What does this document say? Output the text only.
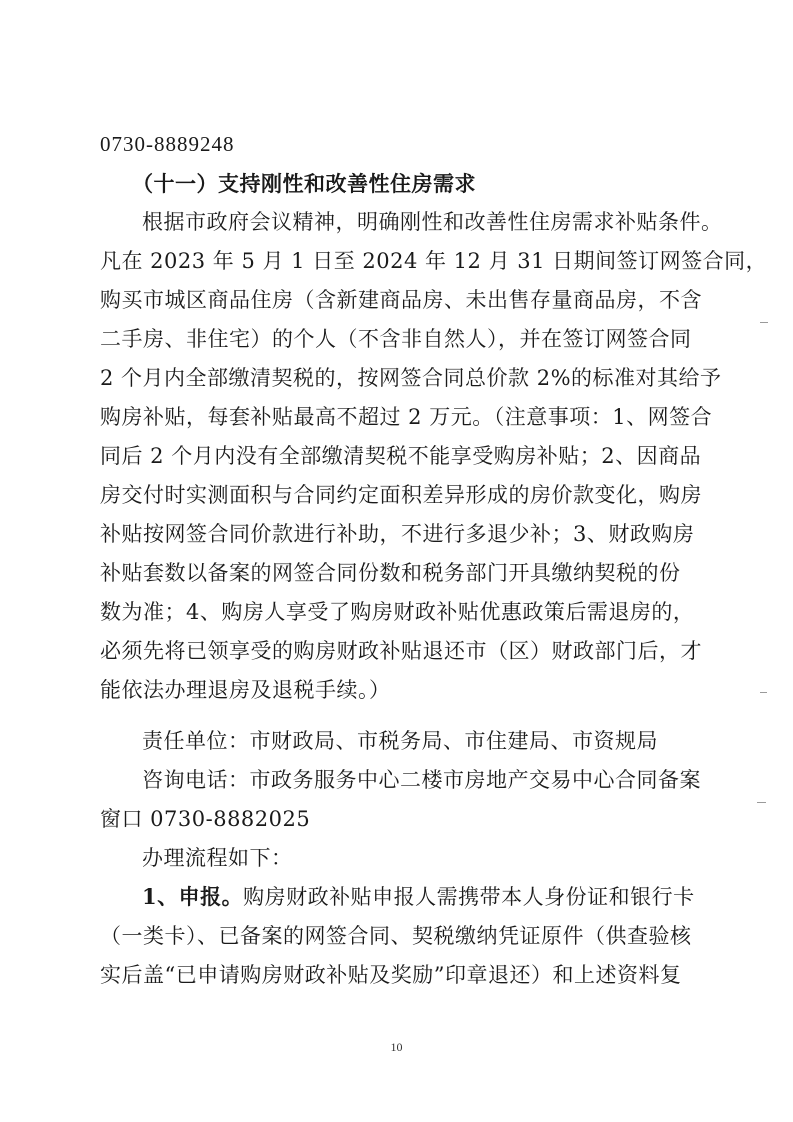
0730-8889248
（十一）支持刚性和改善性住房需求
根据市政府会议精神，明确刚性和改善性住房需求补贴条件。
凡在 2023 年 5 月 1 日至 2024 年 12 月 31 日期间签订网签合同，
购买市城区商品住房（含新建商品房、未出售存量商品房，不含
二手房、非住宅）的个人（不含非自然人），并在签订网签合同
2 个月内全部缴清契税的，按网签合同总价款 2%的标准对其给予
购房补贴，每套补贴最高不超过 2 万元。（注意事项：1、网签合
同后 2 个月内没有全部缴清契税不能享受购房补贴；2、因商品
房交付时实测面积与合同约定面积差异形成的房价款变化，购房
补贴按网签合同价款进行补助，不进行多退少补；3、财政购房
补贴套数以备案的网签合同份数和税务部门开具缴纳契税的份
数为准；4、购房人享受了购房财政补贴优惠政策后需退房的，
必须先将已领享受的购房财政补贴退还市（区）财政部门后，才
能依法办理退房及退税手续。）
责任单位：市财政局、市税务局、市住建局、市资规局
咨询电话：市政务服务中心二楼市房地产交易中心合同备案
窗口 0730-8882025
办理流程如下：
1、申报。购房财政补贴申报人需携带本人身份证和银行卡
（一类卡）、已备案的网签合同、契税缴纳凭证原件（供查验核
实后盖“已申请购房财政补贴及奖励”印章退还）和上述资料复
10
